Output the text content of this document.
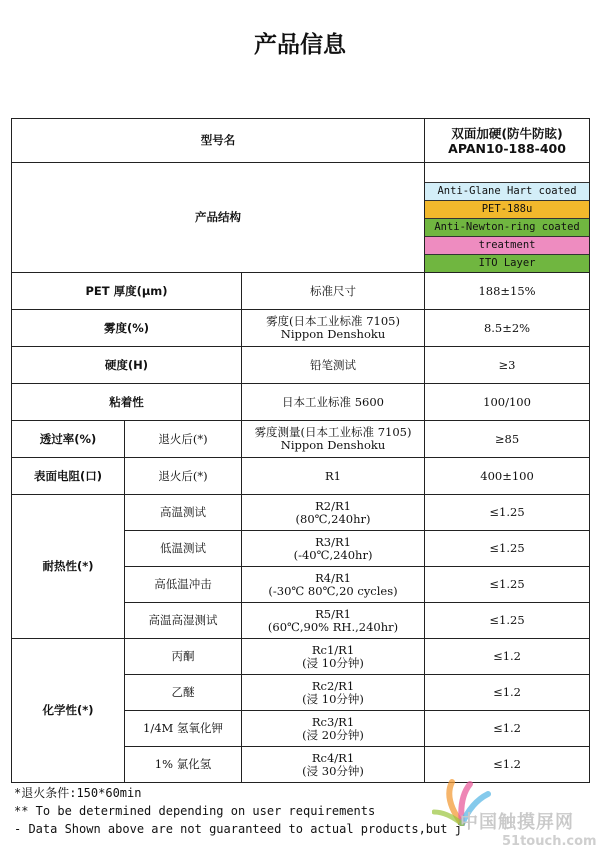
产品信息
型号名			双面加硬(防牛防眩)
APAN10-188-400

产品结构			Anti-Glane Hart coated
PET-188u
Anti-Newton-ring coated
treatment
ITO Layer

PET 厚度(μm)		标准尺寸	188±15%
雾度(%)		雾度(日本工业标准 7105)
Nippon Denshoku	8.5±2%
硬度(H)		铅笔测试	≥3
粘着性		日本工业标准 5600	100/100
透过率(%)	退火后(*)	雾度测量(日本工业标准 7105)
Nippon Denshoku	≥85
表面电阻(口)	退火后(*)	R1	400±100
耐热性(*)	高温测试	R2/R1
(80℃,240hr)	≤1.25
	低温测试	R3/R1
(-40℃,240hr)	≤1.25
	高低温冲击	R4/R1
(-30℃ 80℃,20 cycles)	≤1.25
	高温高湿测试	R5/R1
(60℃,90% RH.,240hr)	≤1.25
化学性(*)	丙酮	Rc1/R1
(浸 10分钟)	≤1.2
	乙醚	Rc2/R1
(浸 10分钟)	≤1.2
	1/4M 氢氧化钾	Rc3/R1
(浸 20分钟)	≤1.2
	1% 氯化氢	Rc4/R1
(浸 30分钟)	≤1.2
*退火条件:150*60min
** To be determined depending on user requirements
- Data Shown above are not guaranteed to actual products,but j
中国触摸屏网
51touch.com
